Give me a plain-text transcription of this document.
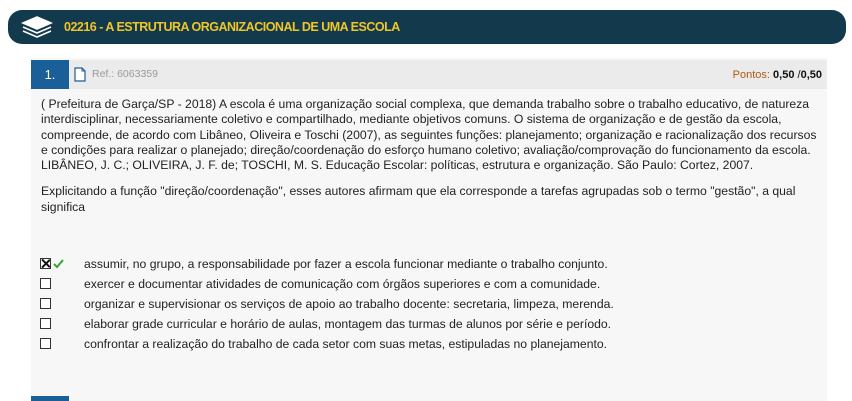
02216 - A ESTRUTURA ORGANIZACIONAL DE UMA ESCOLA
1.	Ref.: 6063359	Pontos: 0,50 /0,50

( Prefeitura de Garça/SP - 2018) A escola é uma organização social complexa, que demanda trabalho sobre o trabalho educativo, de natureza interdisciplinar, necessariamente coletivo e compartilhado, mediante objetivos comuns. O sistema de organização e de gestão da escola, compreende, de acordo com Libâneo, Oliveira e Toschi (2007), as seguintes funções: planejamento; organização e racionalização dos recursos e condições para realizar o planejado; direção/coordenação do esforço humano coletivo; avaliação/comprovação do funcionamento da escola. LIBÂNEO, J. C.; OLIVEIRA, J. F. de; TOSCHI, M. S. Educação Escolar: políticas, estrutura e organização. São Paulo: Cortez, 2007.

Explicitando a função "direção/coordenação", esses autores afirmam que ela corresponde a tarefas agrupadas sob o termo "gestão", a qual significa

assumir, no grupo, a responsabilidade por fazer a escola funcionar mediante o trabalho conjunto.
exercer e documentar atividades de comunicação com órgãos superiores e com a comunidade.
organizar e supervisionar os serviços de apoio ao trabalho docente: secretaria, limpeza, merenda.
elaborar grade curricular e horário de aulas, montagem das turmas de alunos por série e período.
confrontar a realização do trabalho de cada setor com suas metas, estipuladas no planejamento.
